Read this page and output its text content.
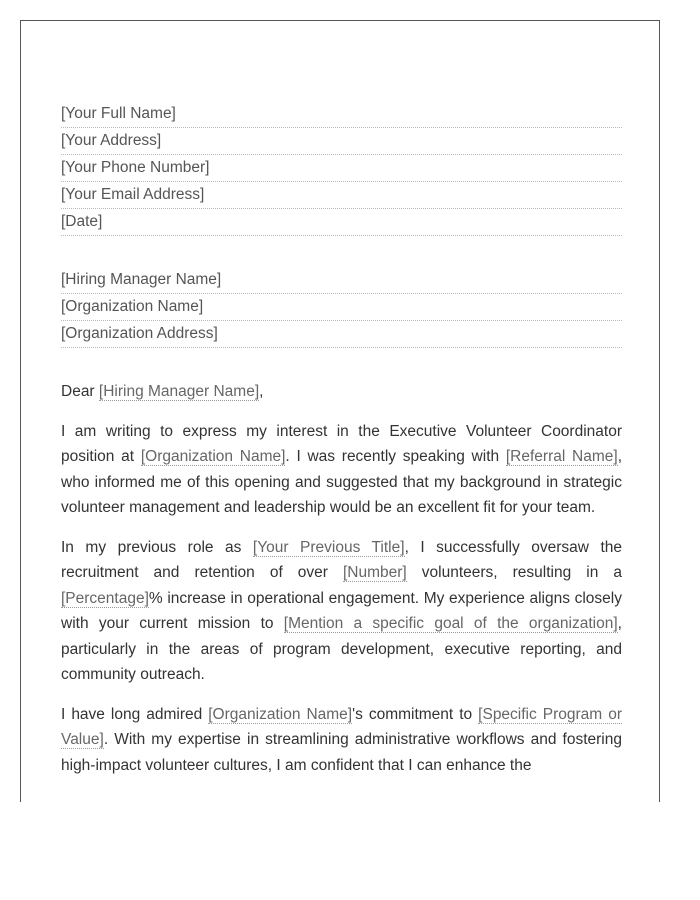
[Your Full Name]
[Your Address]
[Your Phone Number]
[Your Email Address]
[Date]
[Hiring Manager Name]
[Organization Name]
[Organization Address]
Dear [Hiring Manager Name],

I am writing to express my interest in the Executive Volunteer Coordinator position at [Organization Name]. I was recently speaking with [Referral Name], who informed me of this opening and suggested that my background in strategic volunteer management and leadership would be an excellent fit for your team.

In my previous role as [Your Previous Title], I successfully oversaw the recruitment and retention of over [Number] volunteers, resulting in a [Percentage]% increase in operational engagement. My experience aligns closely with your current mission to [Mention a specific goal of the organization], particularly in the areas of program development, executive reporting, and community outreach.

I have long admired [Organization Name]'s commitment to [Specific Program or Value]. With my expertise in streamlining administrative workflows and fostering high-impact volunteer cultures, I am confident that I can enhance the
